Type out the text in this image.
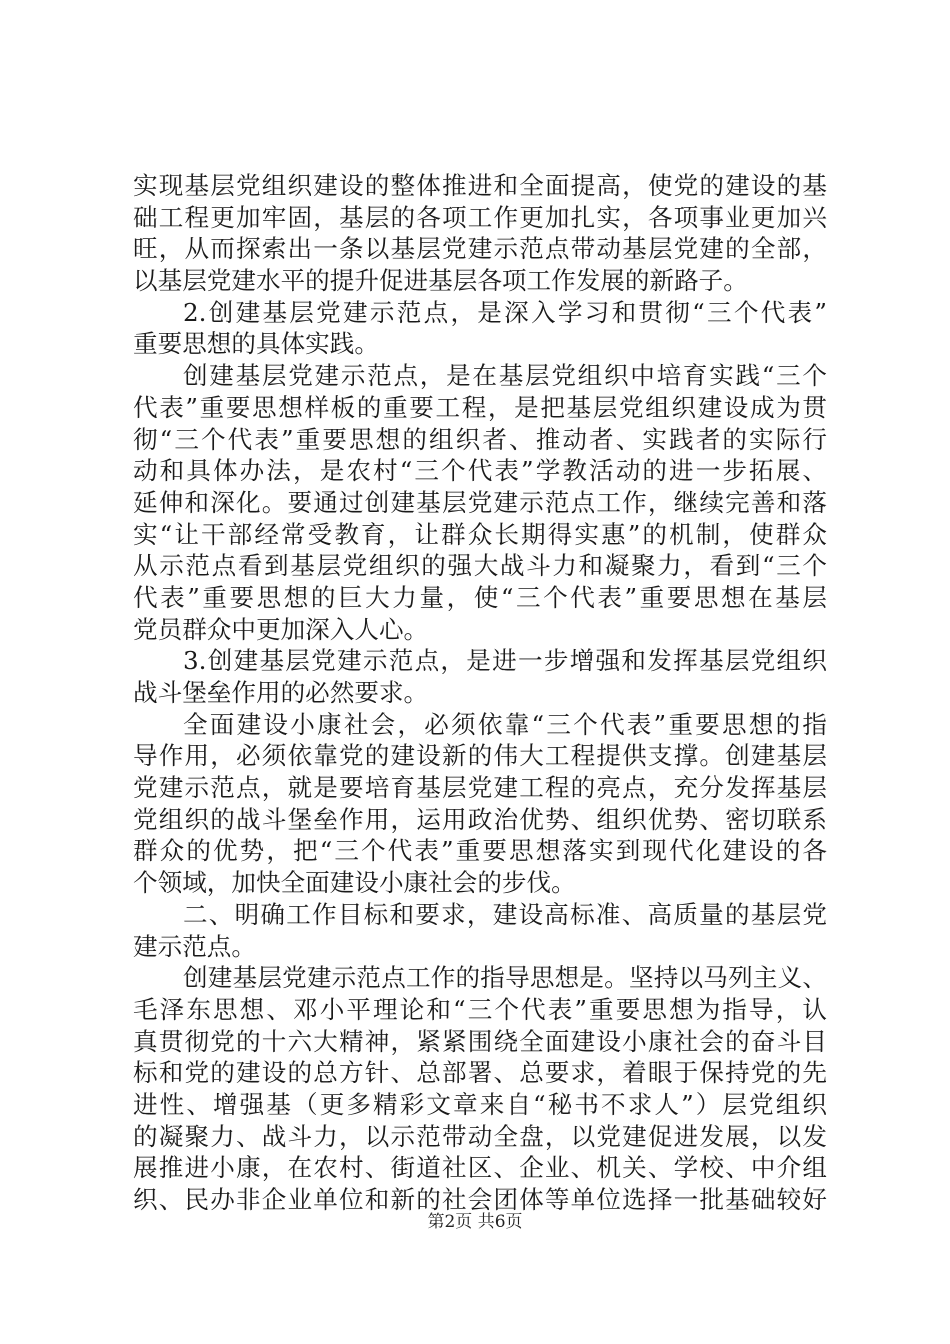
实现基层党组织建设的整体推进和全面提高，使党的建设的基
础工程更加牢固，基层的各项工作更加扎实，各项事业更加兴
旺，从而探索出一条以基层党建示范点带动基层党建的全部，
以基层党建水平的提升促进基层各项工作发展的新路子。
2.创建基层党建示范点，是深入学习和贯彻“三个代表”
重要思想的具体实践。
创建基层党建示范点，是在基层党组织中培育实践“三个
代表”重要思想样板的重要工程，是把基层党组织建设成为贯
彻“三个代表”重要思想的组织者、推动者、实践者的实际行
动和具体办法，是农村“三个代表”学教活动的进一步拓展、
延伸和深化。要通过创建基层党建示范点工作，继续完善和落
实“让干部经常受教育，让群众长期得实惠”的机制，使群众
从示范点看到基层党组织的强大战斗力和凝聚力，看到“三个
代表”重要思想的巨大力量，使“三个代表”重要思想在基层
党员群众中更加深入人心。
3.创建基层党建示范点，是进一步增强和发挥基层党组织
战斗堡垒作用的必然要求。
全面建设小康社会，必须依靠“三个代表”重要思想的指
导作用，必须依靠党的建设新的伟大工程提供支撑。创建基层
党建示范点，就是要培育基层党建工程的亮点，充分发挥基层
党组织的战斗堡垒作用，运用政治优势、组织优势、密切联系
群众的优势，把“三个代表”重要思想落实到现代化建设的各
个领域，加快全面建设小康社会的步伐。
二、明确工作目标和要求，建设高标准、高质量的基层党
建示范点。
创建基层党建示范点工作的指导思想是。坚持以马列主义、
毛泽东思想、邓小平理论和“三个代表”重要思想为指导，认
真贯彻党的十六大精神，紧紧围绕全面建设小康社会的奋斗目
标和党的建设的总方针、总部署、总要求，着眼于保持党的先
进性、增强基（更多精彩文章来自“秘书不求人”）层党组织
的凝聚力、战斗力，以示范带动全盘，以党建促进发展，以发
展推进小康，在农村、街道社区、企业、机关、学校、中介组
织、民办非企业单位和新的社会团体等单位选择一批基础较好
第2页 共6页
